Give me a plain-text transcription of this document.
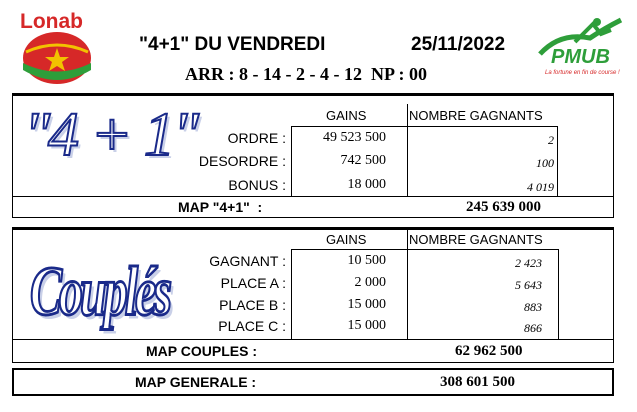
Lonab
"4+1" DU VENDREDI	25/11/2022
ARR : 8 - 14 - 2 - 4 - 12  NP : 00
PMUB
La fortune en fin de course !
"4 + 1"	GAINS	NOMBRE GAGNANTS
ORDRE :	49 523 500	2
DESORDRE :	742 500	100
BONUS :	18 000	4 019
MAP "4+1"  :	245 639 000
Couplés
GAINS	NOMBRE GAGNANTS
GAGNANT :	10 500	2 423
PLACE A :	2 000	5 643
PLACE B :	15 000	883
PLACE C :	15 000	866
MAP COUPLES :	62 962 500
MAP GENERALE :	308 601 500
